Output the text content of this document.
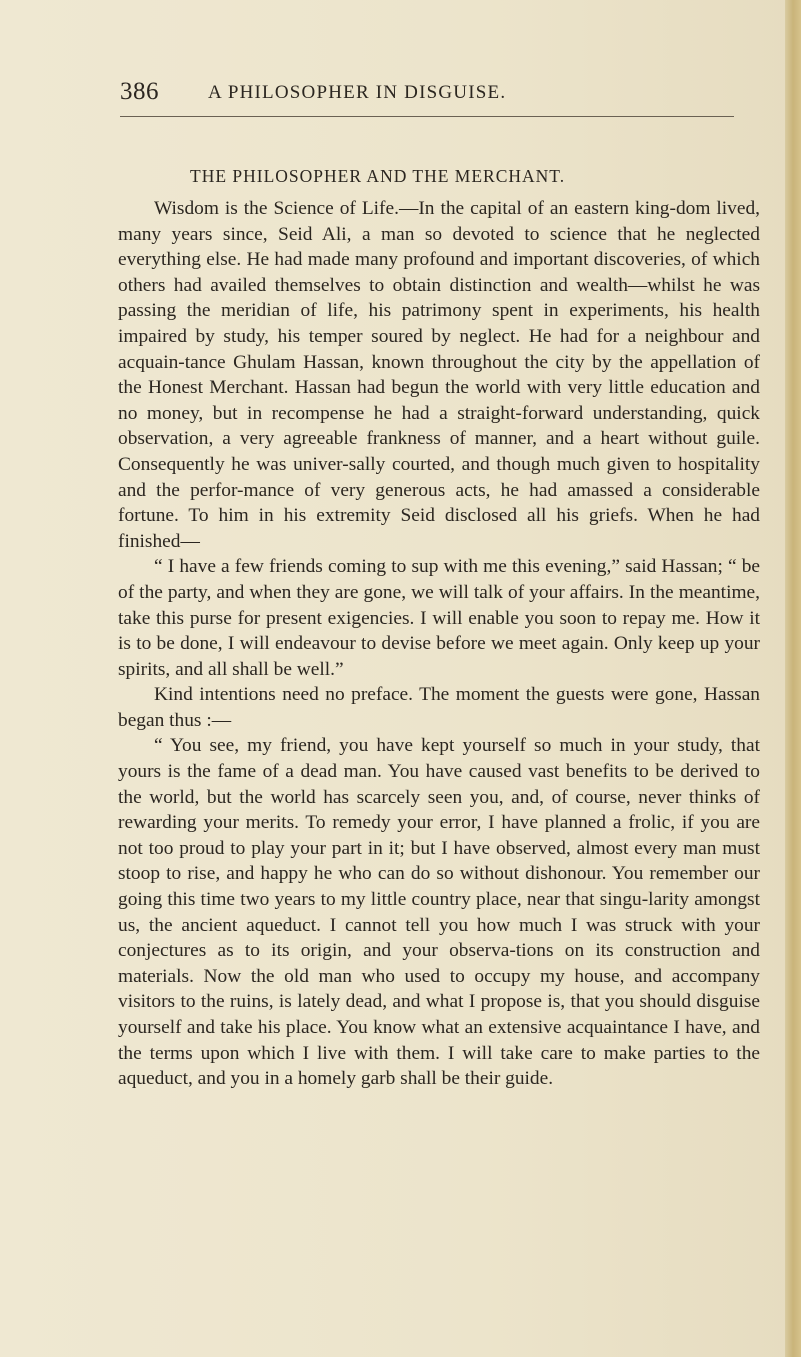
386	A PHILOSOPHER IN DISGUISE.
THE PHILOSOPHER AND THE MERCHANT.

Wisdom is the Science of Life.—In the capital of an eastern king-dom lived, many years since, Seid Ali, a man so devoted to science that he neglected everything else. He had made many profound and important discoveries, of which others had availed themselves to obtain distinction and wealth—whilst he was passing the meridian of life, his patrimony spent in experiments, his health impaired by study, his temper soured by neglect. He had for a neighbour and acquain-tance Ghulam Hassan, known throughout the city by the appellation of the Honest Merchant. Hassan had begun the world with very little education and no money, but in recompense he had a straight-forward understanding, quick observation, a very agreeable frankness of manner, and a heart without guile. Consequently he was univer-sally courted, and though much given to hospitality and the perfor-mance of very generous acts, he had amassed a considerable fortune. To him in his extremity Seid disclosed all his griefs. When he had finished—

“ I have a few friends coming to sup with me this evening,” said Hassan; “ be of the party, and when they are gone, we will talk of your affairs. In the meantime, take this purse for present exigencies. I will enable you soon to repay me. How it is to be done, I will endeavour to devise before we meet again. Only keep up your spirits, and all shall be well.”

Kind intentions need no preface. The moment the guests were gone, Hassan began thus :—

“ You see, my friend, you have kept yourself so much in your study, that yours is the fame of a dead man. You have caused vast benefits to be derived to the world, but the world has scarcely seen you, and, of course, never thinks of rewarding your merits. To remedy your error, I have planned a frolic, if you are not too proud to play your part in it; but I have observed, almost every man must stoop to rise, and happy he who can do so without dishonour. You remember our going this time two years to my little country place, near that singu-larity amongst us, the ancient aqueduct. I cannot tell you how much I was struck with your conjectures as to its origin, and your observa-tions on its construction and materials. Now the old man who used to occupy my house, and accompany visitors to the ruins, is lately dead, and what I propose is, that you should disguise yourself and take his place. You know what an extensive acquaintance I have, and the terms upon which I live with them. I will take care to make parties to the aqueduct, and you in a homely garb shall be their guide.
